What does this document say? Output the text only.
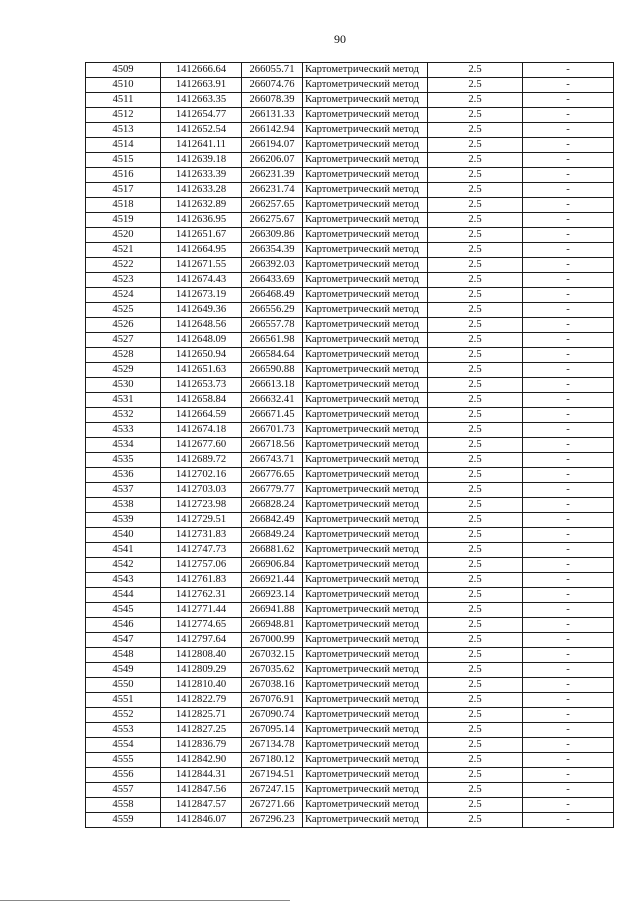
90
4509	1412666.64	266055.71	Картометрический метод	2.5	-
4510	1412663.91	266074.76	Картометрический метод	2.5	-
4511	1412663.35	266078.39	Картометрический метод	2.5	-
4512	1412654.77	266131.33	Картометрический метод	2.5	-
4513	1412652.54	266142.94	Картометрический метод	2.5	-
4514	1412641.11	266194.07	Картометрический метод	2.5	-
4515	1412639.18	266206.07	Картометрический метод	2.5	-
4516	1412633.39	266231.39	Картометрический метод	2.5	-
4517	1412633.28	266231.74	Картометрический метод	2.5	-
4518	1412632.89	266257.65	Картометрический метод	2.5	-
4519	1412636.95	266275.67	Картометрический метод	2.5	-
4520	1412651.67	266309.86	Картометрический метод	2.5	-
4521	1412664.95	266354.39	Картометрический метод	2.5	-
4522	1412671.55	266392.03	Картометрический метод	2.5	-
4523	1412674.43	266433.69	Картометрический метод	2.5	-
4524	1412673.19	266468.49	Картометрический метод	2.5	-
4525	1412649.36	266556.29	Картометрический метод	2.5	-
4526	1412648.56	266557.78	Картометрический метод	2.5	-
4527	1412648.09	266561.98	Картометрический метод	2.5	-
4528	1412650.94	266584.64	Картометрический метод	2.5	-
4529	1412651.63	266590.88	Картометрический метод	2.5	-
4530	1412653.73	266613.18	Картометрический метод	2.5	-
4531	1412658.84	266632.41	Картометрический метод	2.5	-
4532	1412664.59	266671.45	Картометрический метод	2.5	-
4533	1412674.18	266701.73	Картометрический метод	2.5	-
4534	1412677.60	266718.56	Картометрический метод	2.5	-
4535	1412689.72	266743.71	Картометрический метод	2.5	-
4536	1412702.16	266776.65	Картометрический метод	2.5	-
4537	1412703.03	266779.77	Картометрический метод	2.5	-
4538	1412723.98	266828.24	Картометрический метод	2.5	-
4539	1412729.51	266842.49	Картометрический метод	2.5	-
4540	1412731.83	266849.24	Картометрический метод	2.5	-
4541	1412747.73	266881.62	Картометрический метод	2.5	-
4542	1412757.06	266906.84	Картометрический метод	2.5	-
4543	1412761.83	266921.44	Картометрический метод	2.5	-
4544	1412762.31	266923.14	Картометрический метод	2.5	-
4545	1412771.44	266941.88	Картометрический метод	2.5	-
4546	1412774.65	266948.81	Картометрический метод	2.5	-
4547	1412797.64	267000.99	Картометрический метод	2.5	-
4548	1412808.40	267032.15	Картометрический метод	2.5	-
4549	1412809.29	267035.62	Картометрический метод	2.5	-
4550	1412810.40	267038.16	Картометрический метод	2.5	-
4551	1412822.79	267076.91	Картометрический метод	2.5	-
4552	1412825.71	267090.74	Картометрический метод	2.5	-
4553	1412827.25	267095.14	Картометрический метод	2.5	-
4554	1412836.79	267134.78	Картометрический метод	2.5	-
4555	1412842.90	267180.12	Картометрический метод	2.5	-
4556	1412844.31	267194.51	Картометрический метод	2.5	-
4557	1412847.56	267247.15	Картометрический метод	2.5	-
4558	1412847.57	267271.66	Картометрический метод	2.5	-
4559	1412846.07	267296.23	Картометрический метод	2.5	-
